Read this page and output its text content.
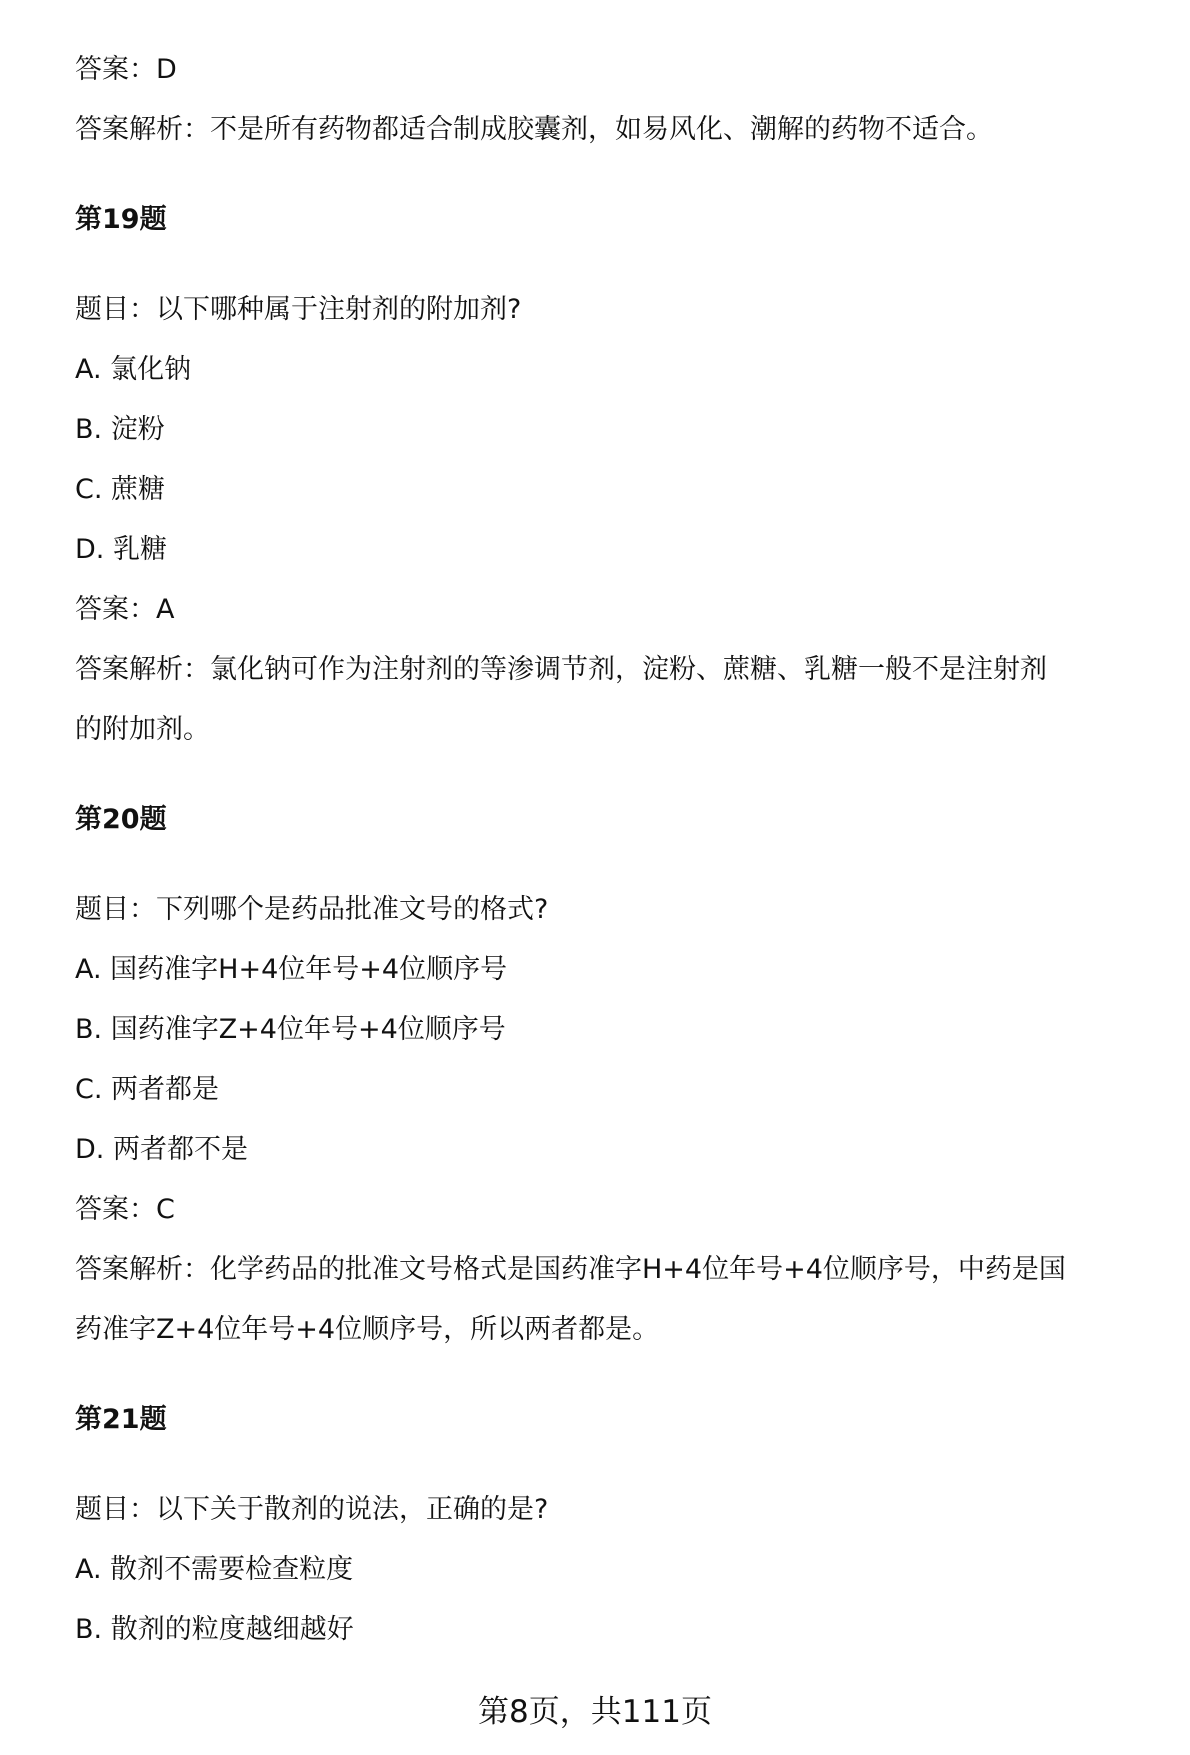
答案：D
答案解析：不是所有药物都适合制成胶囊剂，如易风化、潮解的药物不适合。
第19题
题目：以下哪种属于注射剂的附加剂?
A. 氯化钠
B. 淀粉
C. 蔗糖
D. 乳糖
答案：A
答案解析：氯化钠可作为注射剂的等渗调节剂，淀粉、蔗糖、乳糖一般不是注射剂
的附加剂。
第20题
题目：下列哪个是药品批准文号的格式?
A. 国药准字H+4位年号+4位顺序号
B. 国药准字Z+4位年号+4位顺序号
C. 两者都是
D. 两者都不是
答案：C
答案解析：化学药品的批准文号格式是国药准字H+4位年号+4位顺序号，中药是国
药准字Z+4位年号+4位顺序号，所以两者都是。
第21题
题目：以下关于散剂的说法，正确的是?
A. 散剂不需要检查粒度
B. 散剂的粒度越细越好
第8页，共111页
